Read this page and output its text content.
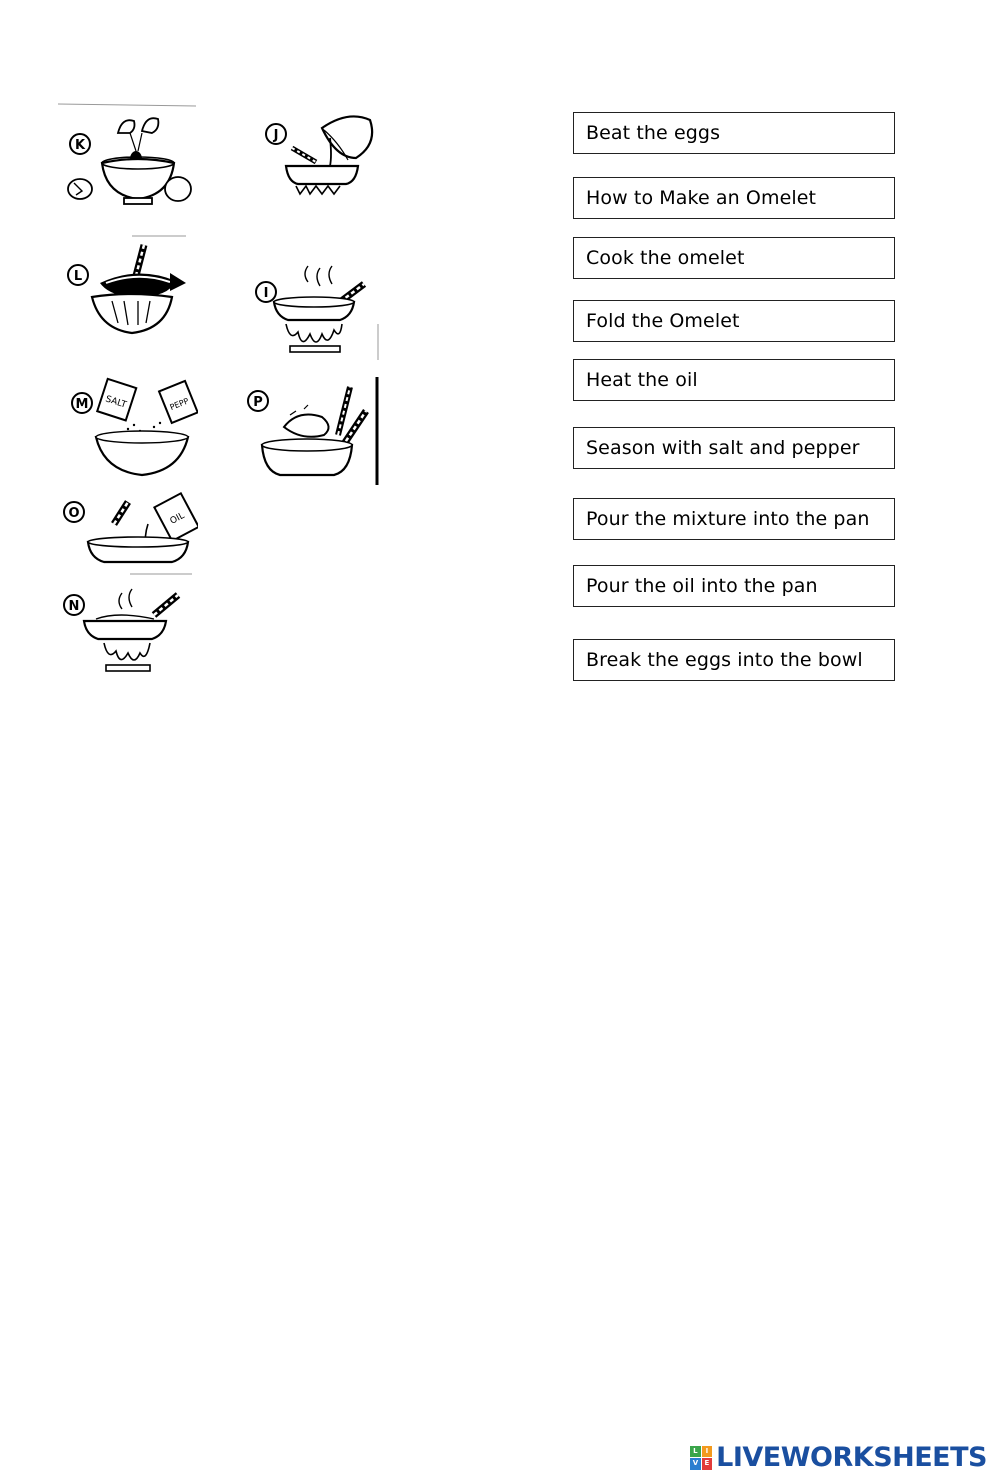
K
J
L
I
M SALT	PEPP	P
O	OIL
N
Beat the eggs
How to Make an Omelet
Cook the omelet
Fold the Omelet
Heat the oil
Season with salt and pepper
Pour the mixture into the pan
Pour the oil into the pan
Break the eggs into the bowl
L	I
V E LIVEWORKSHEETS
